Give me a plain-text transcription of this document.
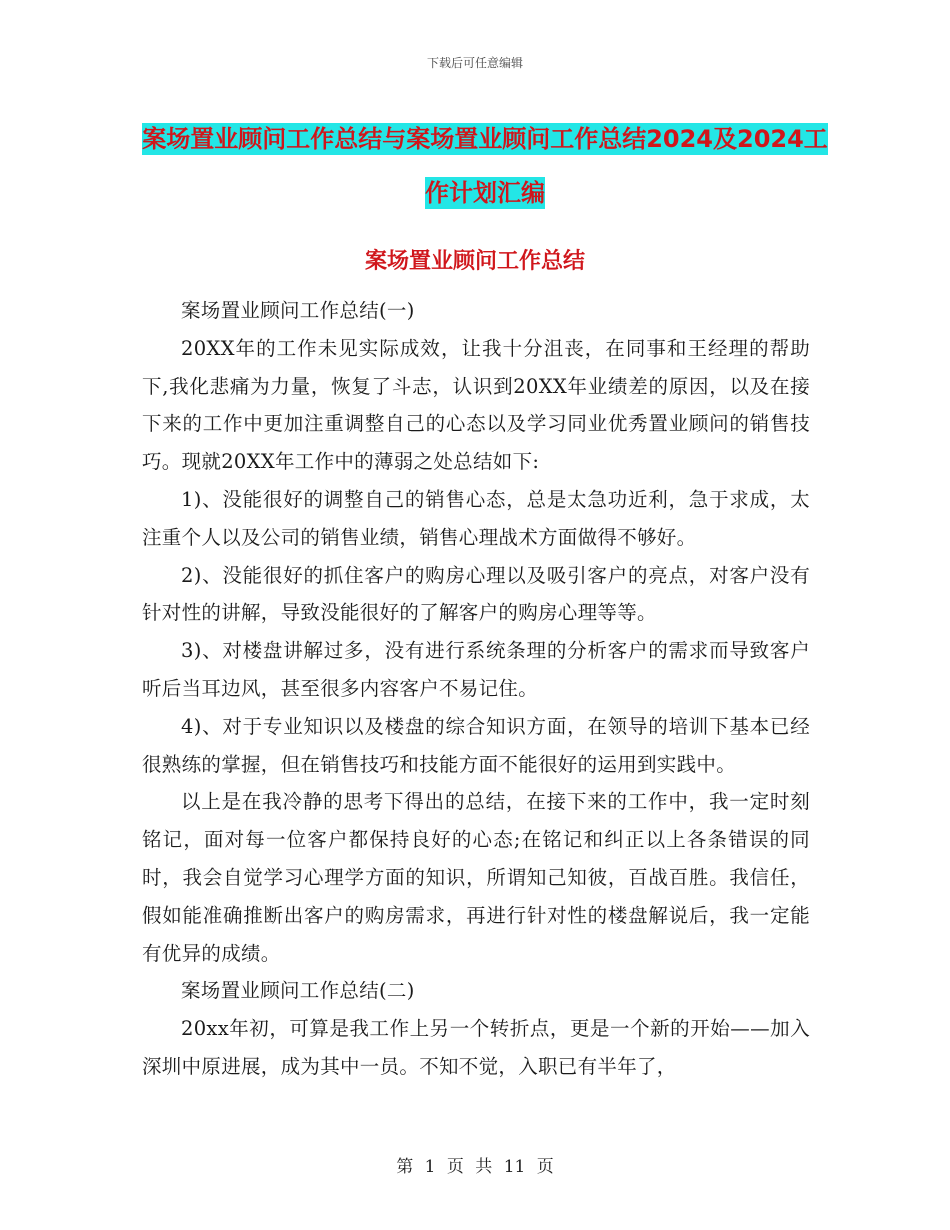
下载后可任意编辑
案场置业顾问工作总结与案场置业顾问工作总结2024及2024工作计划汇编
案场置业顾问工作总结

案场置业顾问工作总结(一)

20XX年的工作未见实际成效，让我十分沮丧，在同事和王经理的帮助下,我化悲痛为力量，恢复了斗志，认识到20XX年业绩差的原因，以及在接下来的工作中更加注重调整自己的心态以及学习同业优秀置业顾问的销售技巧。现就20XX年工作中的薄弱之处总结如下:

1)、没能很好的调整自己的销售心态，总是太急功近利，急于求成，太注重个人以及公司的销售业绩，销售心理战术方面做得不够好。

2)、没能很好的抓住客户的购房心理以及吸引客户的亮点，对客户没有针对性的讲解，导致没能很好的了解客户的购房心理等等。

3)、对楼盘讲解过多，没有进行系统条理的分析客户的需求而导致客户听后当耳边风，甚至很多内容客户不易记住。

4)、对于专业知识以及楼盘的综合知识方面，在领导的培训下基本已经很熟练的掌握，但在销售技巧和技能方面不能很好的运用到实践中。

以上是在我冷静的思考下得出的总结，在接下来的工作中，我一定时刻铭记，面对每一位客户都保持良好的心态;在铭记和纠正以上各条错误的同时，我会自觉学习心理学方面的知识，所谓知己知彼，百战百胜。我信任，假如能准确推断出客户的购房需求，再进行针对性的楼盘解说后，我一定能有优异的成绩。

案场置业顾问工作总结(二)

20xx年初，可算是我工作上另一个转折点，更是一个新的开始——加入深圳中原进展，成为其中一员。不知不觉，入职已有半年了，

第 1 页 共 11 页
